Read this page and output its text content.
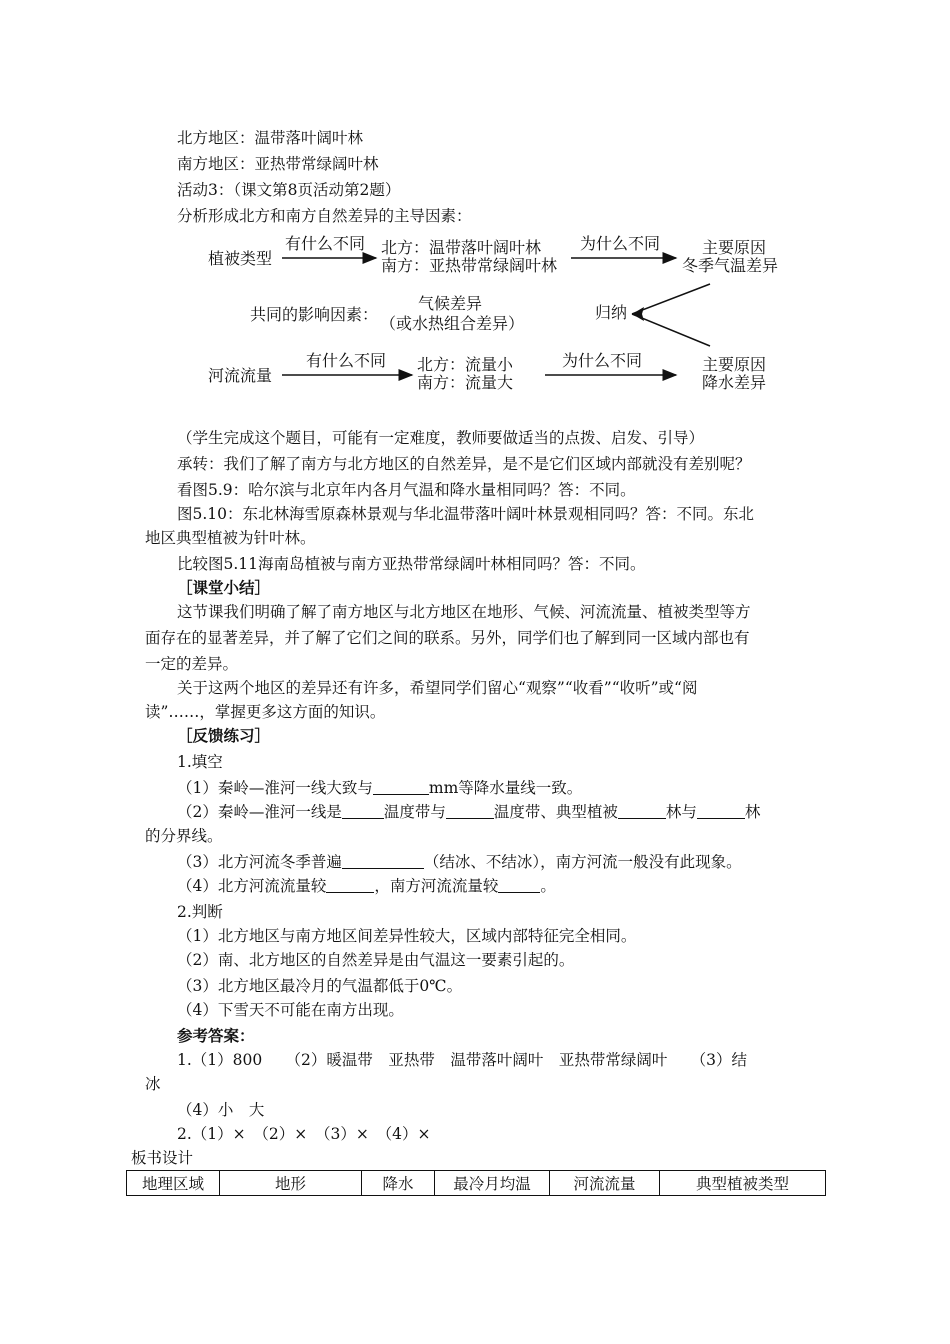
北方地区：温带落叶阔叶林
南方地区：亚热带常绿阔叶林
活动3：（课文第8页活动第2题）
分析形成北方和南方自然差异的主导因素：
植被类型
有什么不同 北方：温带落叶阔叶林
南方：亚热带常绿阔叶林
为什么不同	主要原因
冬季气温差异
共同的影响因素：
气候差异
（或水热组合差异）
归纳
河流流量
有什么不同 北方：流量小
南方：流量大
为什么不同	主要原因
降水差异
（学生完成这个题目，可能有一定难度，教师要做适当的点拨、启发、引导）
承转：我们了解了南方与北方地区的自然差异，是不是它们区域内部就没有差别呢？
看图5.9：哈尔滨与北京年内各月气温和降水量相同吗？答：不同。
图5.10：东北林海雪原森林景观与华北温带落叶阔叶林景观相同吗？答：不同。东北
地区典型植被为针叶林。
比较图5.11海南岛植被与南方亚热带常绿阔叶林相同吗？答：不同。
［课堂小结］
这节课我们明确了解了南方地区与北方地区在地形、气候、河流流量、植被类型等方
面存在的显著差异，并了解了它们之间的联系。另外，同学们也了解到同一区域内部也有
一定的差异。
关于这两个地区的差异还有许多，希望同学们留心“观察”“收看”“收听”或“阅
读”……，掌握更多这方面的知识。
［反馈练习］
1.填空
（1）秦岭—淮河一线大致与	mm等降水量线一致。
（2）秦岭—淮河一线是	温度带与	温度带、典型植被	林与	林
的分界线。
（3）北方河流冬季普遍	（结冰、不结冰），南方河流一般没有此现象。
（4）北方河流流量较	，南方河流流量较	。
2.判断
（1）北方地区与南方地区间差异性较大，区域内部特征完全相同。
（2）南、北方地区的自然差异是由气温这一要素引起的。
（3）北方地区最冷月的气温都低于0℃。
（4）下雪天不可能在南方出现。
参考答案：
1.（1）800　　（2）暖温带　亚热带　温带落叶阔叶　亚热带常绿阔叶　　（3）结
冰
（4）小　大
2.（1）×　（2）×　（3）×　（4）×
板书设计
地理区域	地形	降水	最冷月均温	河流流量	典型植被类型
